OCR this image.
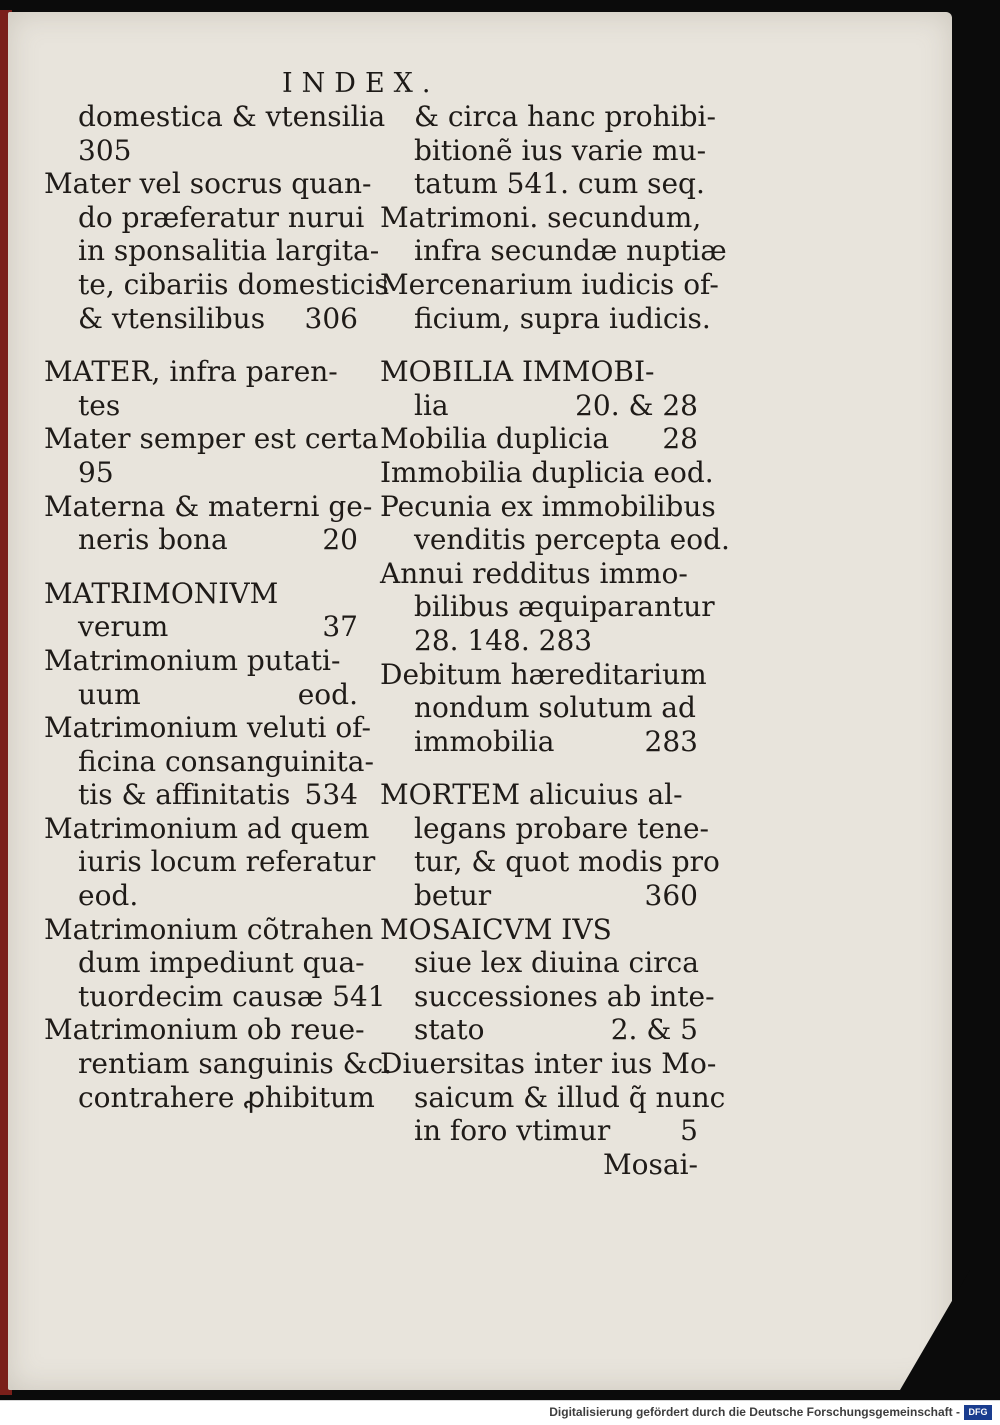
INDEX.
domestica & vtensilia
305
Mater vel socrus quan-
do præferatur nurui
in sponsalitia largita-
te, cibariis domesticis
& vtensilibus 306
MATER, infra paren-
tes
Mater semper est certa
95
Materna & materni ge-
neris bona	20
MATRIMONIVM
verum	37
Matrimonium putati-
uum	eod.
Matrimonium veluti of-
ficina consanguinita-
tis & affinitatis 534
Matrimonium ad quem
iuris locum referatur
eod.
Matrimonium cõtrahen
dum impediunt qua-
tuordecim causæ 541
Matrimonium ob reue-
rentiam sanguinis &c.
contrahere ꝓhibitum
& circa hanc prohibi-
bitionẽ ius varie mu-
tatum 541. cum seq.
Matrimoni. secundum,
infra secundæ nuptiæ
Mercenarium iudicis of-
ficium, supra iudicis.
MOBILIA IMMOBI-
lia	20. & 28
Mobilia duplicia 28
Immobilia duplicia eod.
Pecunia ex immobilibus
venditis percepta eod.
Annui redditus immo-
bilibus æquiparantur
28. 148. 283
Debitum hæreditarium
nondum solutum ad
immobilia	283
MORTEM alicuius al-
legans probare tene-
tur, & quot modis pro
betur	360
MOSAICVM IVS
siue lex diuina circa
successiones ab inte-
stato	2. & 5
Diuersitas inter ius Mo-
saicum & illud q̃ nunc
in foro vtimur 5
Mosai-
Digitalisierung gefördert durch die Deutsche Forschungsgemeinschaft - DFG
